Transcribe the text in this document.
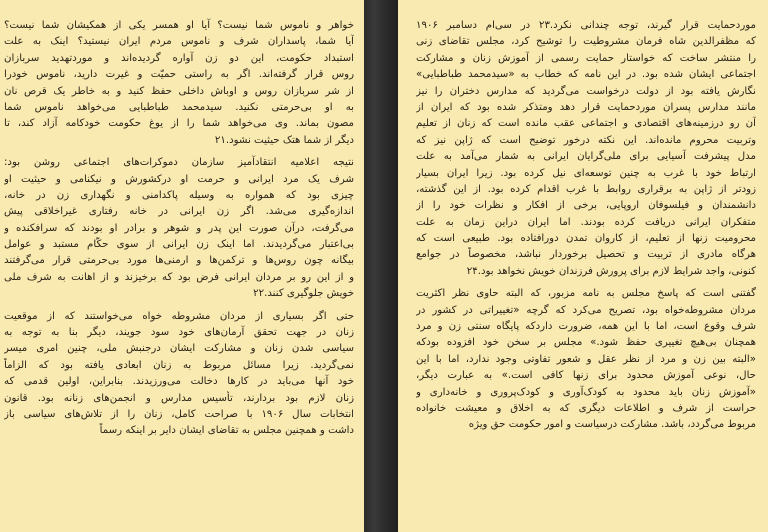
خواهر و ناموس شما نیست؟ آیا او همسر یکی از همکیشان شما نیست؟
آیا شما، پاسداران شرف و ناموس مردم ایران نیستید؟ اینک به علت
استبداد حکومت، این دو زن آواره گردیده‌اند و موردتهدید سربازان
روس قرار گرفته‌اند. اگر به راستی حمیّت و غیرت دارید، ناموس خودرا
از شر سربازان روس و اوباش داخلی حفظ کنید و به خاطر یک قرص نان
به او بی‌حرمتی نکنید. سیدمحمد طباطبایی می‌خواهد ناموس شما
مصون بماند. وی می‌خواهد شما را از یوغ حکومت خودکامه آزاد کند، تا
دیگر از شما هتک حیثیت نشود.۲۱
نتیجه اعلامیه انتقادآمیز سازمان دموکرات‌های اجتماعی روشن بود:
شرف یک مرد ایرانی و حرمت او درکشورش و نیکنامی و حیثیت او
چیزی بود که همواره به وسیله پاکدامنی و نگهداری زن در خانه،
اندازه‌گیری می‌شد. اگر زن ایرانی در خانه رفتاری غیراخلاقی پیش
می‌گرفت، درآن صورت این پدر و شوهر و برادر او بودند که سرافکنده و
بی‌اعتبار می‌گردیدند. اما اینک زن ایرانی از سوی حکّام مستبد و عوامل
بیگانه چون روس‌ها و ترکمن‌ها و ارمنی‌ها مورد بی‌حرمتی قرار می‌گرفتند
و از این رو بر مردان ایرانی فرض بود که برخیزند و از اهانت به شرف ملی
خویش جلوگیری کنند.۲۲
حتی اگر بسیاری از مردان مشروطه خواه می‌خواستند که از موقعیت
زنان در جهت تحقق آرمان‌های خود سود جویند، دیگر بنا به توجه به
سیاسی شدن زنان و مشارکت ایشان درجنبش ملی، چنین امری میسر
نمی‌گردید. زیرا مسائل مربوط به زنان ابعادی یافته بود که الزاماً
خود آنها می‌باید در کارها دخالت می‌ورزیدند. بنابراین، اولین قدمی که
زنان لازم بود بردارند، تأسیس مدارس و انجمن‌های زنانه بود. قانون
انتخابات سال ۱۹۰۶ با صراحت کامل، زنان را از تلاش‌های سیاسی باز
داشت و همچنین مجلس به تقاضای ایشان دایر بر اینکه رسماً
موردحمایت قرار گیرند، توجه چندانی نکرد.۲۳ در سی‌ام دسامبر ۱۹۰۶
که مظفرالدین شاه فرمان مشروطیت را توشیح کرد، مجلس تقاضای زنی
را منتشر ساخت که خواستار حمایت رسمی از آموزش زنان و مشارکت
اجتماعی ایشان شده بود. در این نامه که خطاب به «سیدمحمد طباطبایی»
نگارش یافته بود از دولت درخواست می‌گردید که مدارس دختران را نیز
مانند مدارس پسران موردحمایت قرار دهد ومتذکر شده بود که ایران از
آن رو درزمینه‌های اقتصادی و اجتماعی عقب مانده است که زنان از تعلیم
وتربیت محروم مانده‌اند. این نکته درخور توضیح است که ژاپن نیز که
مدل پیشرفت آسیایی برای ملی‌گرایان ایرانی به شمار می‌آمد به علت
ارتباط خود با غرب به چنین توسعه‌ای نیل کرده بود. زیرا ایران بسیار
زودتر از ژاپن به برقراری روابط با غرب اقدام کرده بود. از این گذشته،
دانشمندان و فیلسوفان اروپایی، برخی از افکار و نظرات خود را از
متفکران ایرانی دریافت کرده بودند. اما ایران دراین زمان به علت
محرومیت زنها از تعلیم، از کاروان تمدن دورافتاده بود. طبیعی است که
هرگاه مادری از تربیت و تحصیل برخوردار نباشد، مخصوصاً در جوامع
کنونی، واجد شرایط لازم برای پرورش فرزندان خویش نخواهد بود.۲۴
گفتنی است که پاسخ مجلس به نامه مزبور، که البته حاوی نظر اکثریت
مردان مشروطه‌خواه بود، تصریح می‌کرد که گرچه «تغییراتی در کشور در
شرف وقوع است، اما با این همه، ضرورت داردکه پایگاه سنتی زن و مرد
همچنان بی‌هیچ تغییری حفظ شود.» مجلس بر سخن خود افزوده بودکه
«البته بین زن و مرد از نظر عقل و شعور تفاوتی وجود ندارد، اما با این
حال، نوعی آموزش محدود برای زنها کافی است.» به عبارت دیگر،
«آموزش زنان باید محدود به کودک‌آوری و کودک‌پروری و خانه‌داری و
حراست از شرف و اطلاعات دیگری که به اخلاق و معیشت خانواده
مربوط می‌گردد، باشد. مشارکت درسیاست و امور حکومت حق ویژه
